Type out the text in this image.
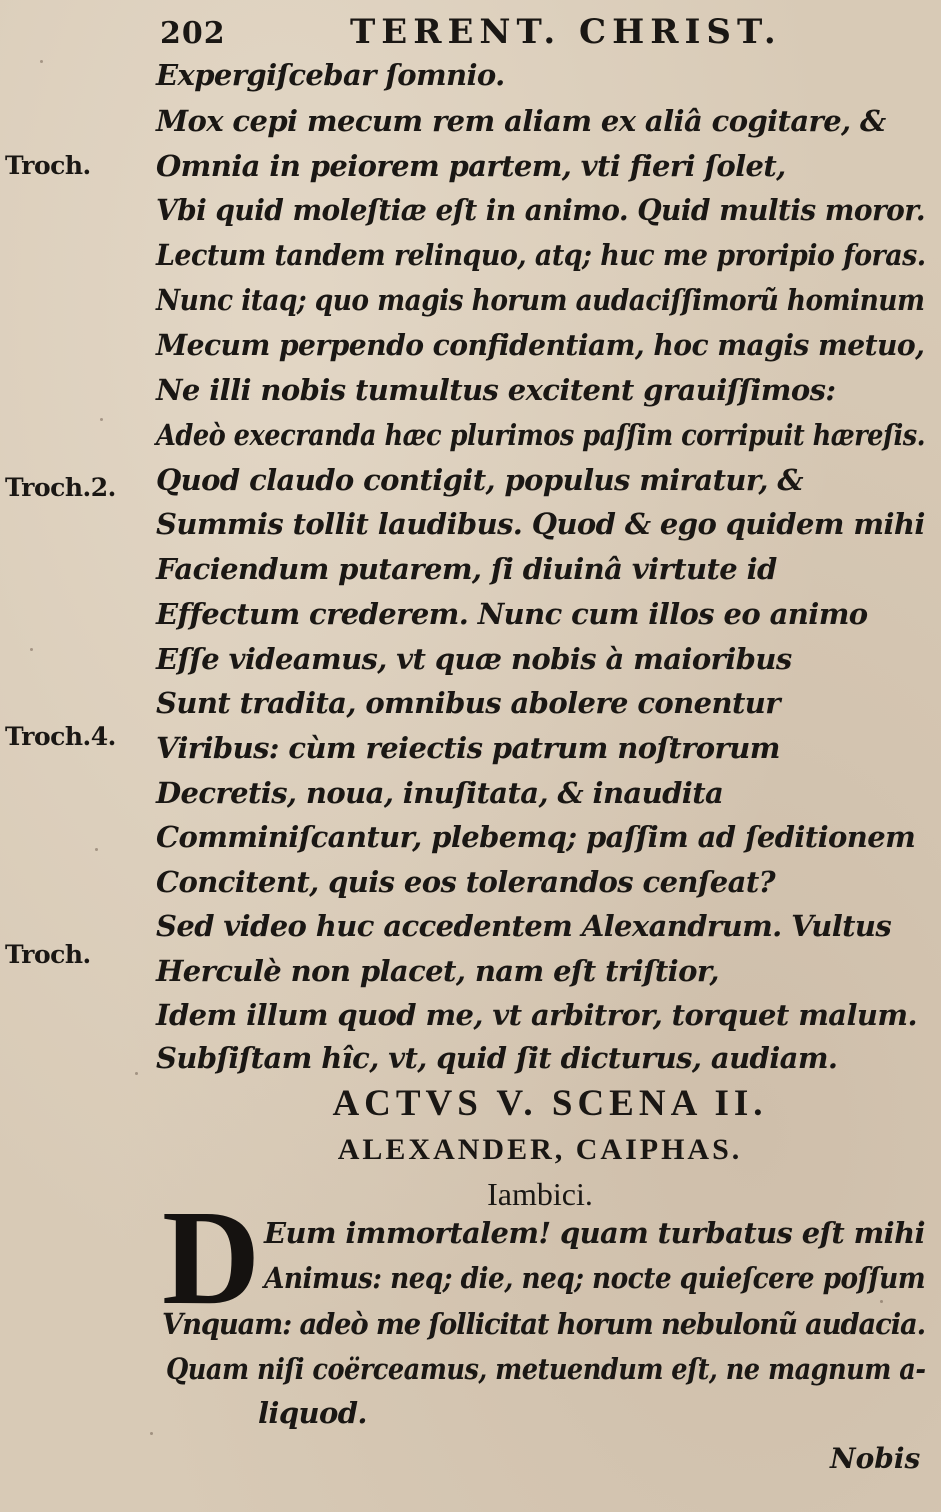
202	TERENT. CHRIST.
Expergiſcebar ſomnio.
Mox cepi mecum rem aliam ex aliâ cogitare, &
Omnia in peiorem partem, vti fieri ſolet,
Vbi quid moleſtiæ eſt in animo. Quid multis moror.
Lectum tandem relinquo, atq; huc me proripio foras.
Nunc itaq; quo magis horum audaciſſimorũ hominum
Mecum perpendo confidentiam, hoc magis metuo,
Ne illi nobis tumultus excitent grauiſſimos:
Adeò execranda hæc plurimos paſſim corripuit hæreſis.
Quod claudo contigit, populus miratur, &
Summis tollit laudibus. Quod & ego quidem mihi
Faciendum putarem, ſi diuinâ virtute id
Effectum crederem. Nunc cum illos eo animo
Eſſe videamus, vt quæ nobis à maioribus
Sunt tradita, omnibus abolere conentur
Viribus: cùm reiectis patrum noſtrorum
Decretis, noua, inuſitata, & inaudita
Comminiſcantur, plebemq; paſſim ad ſeditionem
Concitent, quis eos tolerandos cenſeat?
Sed video huc accedentem Alexandrum. Vultus
Herculè non placet, nam eſt triſtior,
Idem illum quod me, vt arbitror, torquet malum.
Subſiſtam hîc, vt, quid ſit dicturus, audiam.
Troch.
Troch.2.
Troch.4.
Troch.
ACTVS V. SCENA II.
ALEXANDER, CAIPHAS.
Iambici.
D Eum immortalem! quam turbatus eſt mihi
Animus: neq; die, neq; nocte quieſcere poſſum
Vnquam: adeò me ſollicitat horum nebulonũ audacia.
Quam niſi coërceamus, metuendum eſt, ne magnum a-
liquod.
Nobis
